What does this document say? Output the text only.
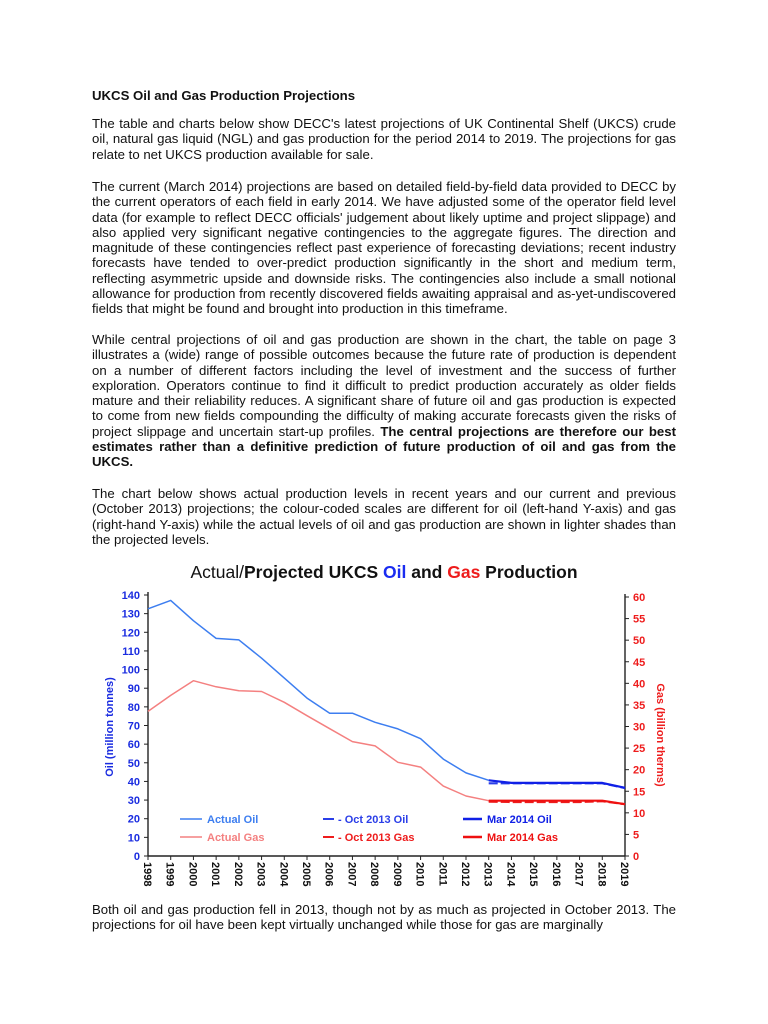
UKCS Oil and Gas Production Projections

The table and charts below show DECC's latest projections of UK Continental Shelf (UKCS) crude oil, natural gas liquid (NGL) and gas production for the period 2014 to 2019. The projections for gas relate to net UKCS production available for sale.

The current (March 2014) projections are based on detailed field-by-field data provided to DECC by the current operators of each field in early 2014. We have adjusted some of the operator field level data (for example to reflect DECC officials' judgement about likely uptime and project slippage) and also applied very significant negative contingencies to the aggregate figures. The direction and magnitude of these contingencies reflect past experience of forecasting deviations; recent industry forecasts have tended to over-predict production significantly in the short and medium term, reflecting asymmetric upside and downside risks. The contingencies also include a small notional allowance for production from recently discovered fields awaiting appraisal and as-yet-undiscovered fields that might be found and brought into production in this timeframe.

While central projections of oil and gas production are shown in the chart, the table on page 3 illustrates a (wide) range of possible outcomes because the future rate of production is dependent on a number of different factors including the level of investment and the success of further exploration. Operators continue to find it difficult to predict production accurately as older fields mature and their reliability reduces. A significant share of future oil and gas production is expected to come from new fields compounding the difficulty of making accurate forecasts given the risks of project slippage and uncertain start-up profiles. The central projections are therefore our best estimates rather than a definitive prediction of future production of oil and gas from the UKCS.

The chart below shows actual production levels in recent years and our current and previous (October 2013) projections; the colour-coded scales are different for oil (left-hand Y-axis) and gas (right-hand Y-axis) while the actual levels of oil and gas production are shown in lighter shades than the projected levels.

Actual/Projected UKCS Oil and Gas Production

Both oil and gas production fell in 2013, though not by as much as projected in October 2013. The projections for oil have been kept virtually unchanged while those for gas are marginally

0
10
20
30
40
50
60
70
80
90
100
110
120
130
140
0
5
10
15
20
25
30
35
40
45
50
55
60
1998 1999 2000 2001 2002 2003 2004 2005 2006 2007 2008 2009 2010 2011 2012 2013 2014 2015 2016 2017 2018 2019
Actual Oil
Actual Gas
- Oct 2013 Oil
- Oct 2013 Gas
Mar 2014 Oil
Mar 2014 Gas
Oil (million tonnes)	Gas (billion therms)
